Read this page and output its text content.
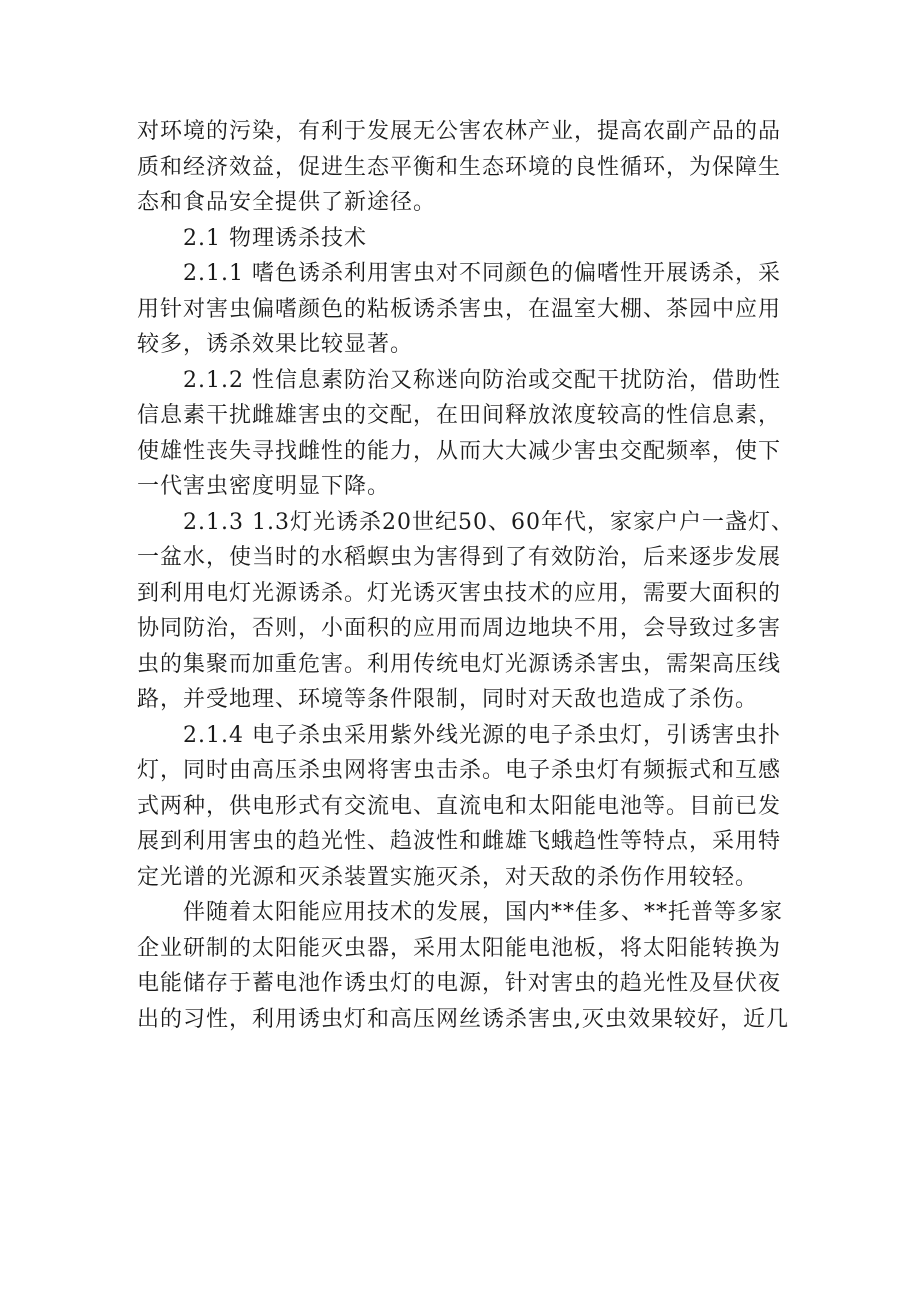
对环境的污染，有利于发展无公害农林产业，提高农副产品的品
质和经济效益，促进生态平衡和生态环境的良性循环，为保障生
态和食品安全提供了新途径。
2.1 物理诱杀技术
2.1.1 嗜色诱杀利用害虫对不同颜色的偏嗜性开展诱杀，采
用针对害虫偏嗜颜色的粘板诱杀害虫，在温室大棚、茶园中应用
较多，诱杀效果比较显著。
2.1.2 性信息素防治又称迷向防治或交配干扰防治，借助性
信息素干扰雌雄害虫的交配，在田间释放浓度较高的性信息素，
使雄性丧失寻找雌性的能力，从而大大减少害虫交配频率，使下
一代害虫密度明显下降。
2.1.3 1.3灯光诱杀20世纪50、60年代，家家户户一盏灯、
一盆水，使当时的水稻螟虫为害得到了有效防治，后来逐步发展
到利用电灯光源诱杀。灯光诱灭害虫技术的应用，需要大面积的
协同防治，否则，小面积的应用而周边地块不用，会导致过多害
虫的集聚而加重危害。利用传统电灯光源诱杀害虫，需架高压线
路，并受地理、环境等条件限制，同时对天敌也造成了杀伤。
2.1.4 电子杀虫采用紫外线光源的电子杀虫灯，引诱害虫扑
灯，同时由高压杀虫网将害虫击杀。电子杀虫灯有频振式和互感
式两种，供电形式有交流电、直流电和太阳能电池等。目前已发
展到利用害虫的趋光性、趋波性和雌雄飞蛾趋性等特点，采用特
定光谱的光源和灭杀装置实施灭杀，对天敌的杀伤作用较轻。
伴随着太阳能应用技术的发展，国内**佳多、**托普等多家
企业研制的太阳能灭虫器，采用太阳能电池板，将太阳能转换为
电能储存于蓄电池作诱虫灯的电源，针对害虫的趋光性及昼伏夜
出的习性，利用诱虫灯和高压网丝诱杀害虫,灭虫效果较好，近几
